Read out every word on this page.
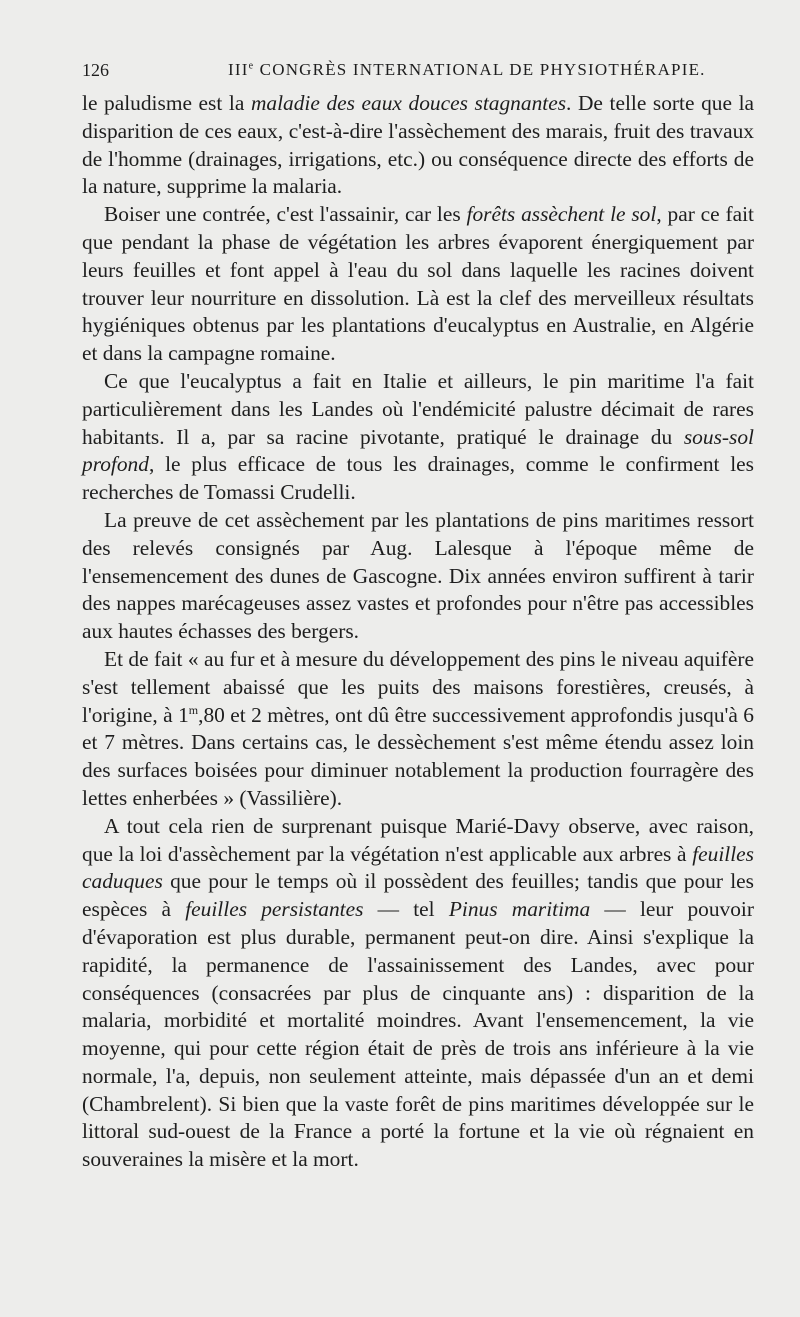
126	IIIe CONGRÈS INTERNATIONAL DE PHYSIOTHÉRAPIE.

le paludisme est la maladie des eaux douces stagnantes. De telle sorte que la disparition de ces eaux, c'est-à-dire l'assèchement des marais, fruit des travaux de l'homme (drainages, irrigations, etc.) ou conséquence directe des efforts de la nature, supprime la malaria.

Boiser une contrée, c'est l'assainir, car les forêts assèchent le sol, par ce fait que pendant la phase de végétation les arbres évaporent énergiquement par leurs feuilles et font appel à l'eau du sol dans laquelle les racines doivent trouver leur nourriture en dissolution. Là est la clef des merveilleux résultats hygiéniques obtenus par les plantations d'eucalyptus en Australie, en Algérie et dans la campagne romaine.

Ce que l'eucalyptus a fait en Italie et ailleurs, le pin maritime l'a fait particulièrement dans les Landes où l'endémicité palustre décimait de rares habitants. Il a, par sa racine pivotante, pratiqué le drainage du sous-sol profond, le plus efficace de tous les drainages, comme le confirment les recherches de Tomassi Crudelli.

La preuve de cet assèchement par les plantations de pins maritimes ressort des relevés consignés par Aug. Lalesque à l'époque même de l'ensemencement des dunes de Gascogne. Dix années environ suffirent à tarir des nappes marécageuses assez vastes et profondes pour n'être pas accessibles aux hautes échasses des bergers.

Et de fait « au fur et à mesure du développement des pins le niveau aquifère s'est tellement abaissé que les puits des maisons forestières, creusés, à l'origine, à 1$^m$,80 et 2 mètres, ont dû être successivement approfondis jusqu'à 6 et 7 mètres. Dans certains cas, le dessèchement s'est même étendu assez loin des surfaces boisées pour diminuer notablement la production fourragère des lettes enherbées » (Vassilière).

A tout cela rien de surprenant puisque Marié-Davy observe, avec raison, que la loi d'assèchement par la végétation n'est applicable aux arbres à feuilles caduques que pour le temps où il possèdent des feuilles; tandis que pour les espèces à feuilles persistantes — tel Pinus maritima — leur pouvoir d'évaporation est plus durable, permanent peut-on dire. Ainsi s'explique la rapidité, la permanence de l'assainissement des Landes, avec pour conséquences (consacrées par plus de cinquante ans) : disparition de la malaria, morbidité et mortalité moindres. Avant l'ensemencement, la vie moyenne, qui pour cette région était de près de trois ans inférieure à la vie normale, l'a, depuis, non seulement atteinte, mais dépassée d'un an et demi (Chambrelent). Si bien que la vaste forêt de pins maritimes développée sur le littoral sud-ouest de la France a porté la fortune et la vie où régnaient en souveraines la misère et la mort.
